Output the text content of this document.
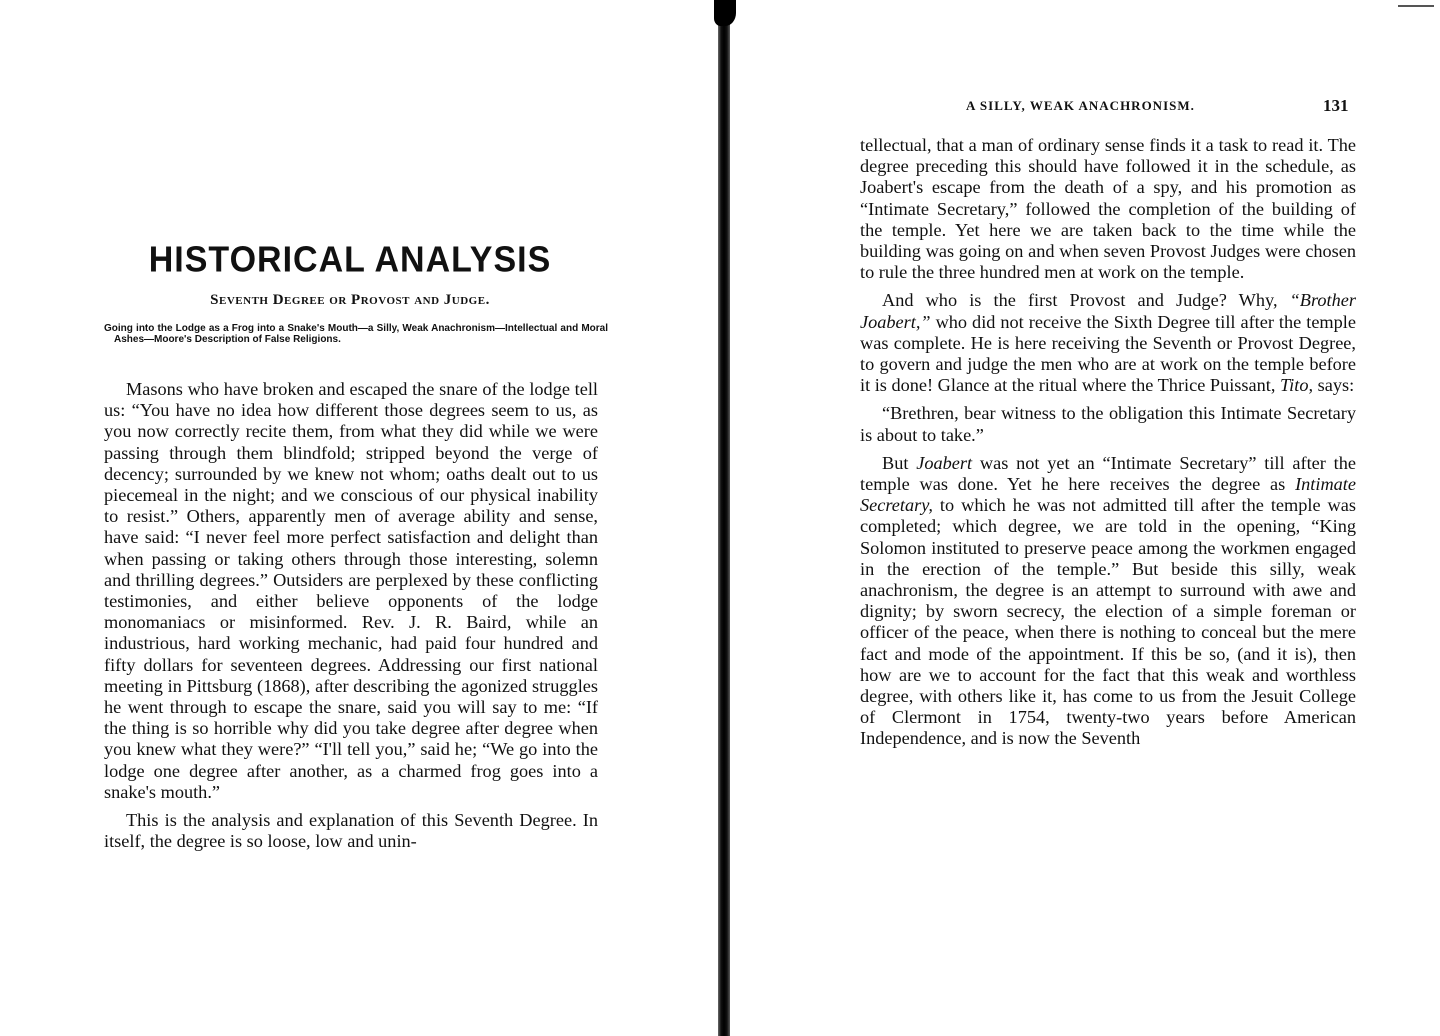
HISTORICAL ANALYSIS
Seventh Degree or Provost and Judge.

Going into the Lodge as a Frog into a Snake's Mouth—a Silly, Weak Anachronism—Intellectual and Moral Ashes—Moore's Description of False Religions.

Masons who have broken and escaped the snare of the lodge tell us: “You have no idea how different those degrees seem to us, as you now correctly recite them, from what they did while we were passing through them blindfold; stripped beyond the verge of decency; surrounded by we knew not whom; oaths dealt out to us piecemeal in the night; and we conscious of our physical inability to resist.” Others, apparently men of average ability and sense, have said: “I never feel more perfect satisfaction and delight than when passing or taking others through those interesting, solemn and thrilling degrees.” Outsiders are perplexed by these conflicting testimonies, and either believe opponents of the lodge monomaniacs or misinformed. Rev. J. R. Baird, while an industrious, hard working mechanic, had paid four hundred and fifty dollars for seventeen degrees. Addressing our first national meeting in Pittsburg (1868), after describing the agonized struggles he went through to escape the snare, said you will say to me: “If the thing is so horrible why did you take degree after degree when you knew what they were?” “I'll tell you,” said he; “We go into the lodge one degree after another, as a charmed frog goes into a snake's mouth.”

This is the analysis and explanation of this Seventh Degree. In itself, the degree is so loose, low and unin-

A SILLY, WEAK ANACHRONISM.	131

tellectual, that a man of ordinary sense finds it a task to read it. The degree preceding this should have followed it in the schedule, as Joabert's escape from the death of a spy, and his promotion as “Intimate Secretary,” followed the completion of the building of the temple. Yet here we are taken back to the time while the building was going on and when seven Provost Judges were chosen to rule the three hundred men at work on the temple.

And who is the first Provost and Judge? Why, “Brother Joabert,” who did not receive the Sixth Degree till after the temple was complete. He is here receiving the Seventh or Provost Degree, to govern and judge the men who are at work on the temple before it is done! Glance at the ritual where the Thrice Puissant, Tito, says:

“Brethren, bear witness to the obligation this Intimate Secretary is about to take.”

But Joabert was not yet an “Intimate Secretary” till after the temple was done. Yet he here receives the degree as Intimate Secretary, to which he was not admitted till after the temple was completed; which degree, we are told in the opening, “King Solomon instituted to preserve peace among the workmen engaged in the erection of the temple.” But beside this silly, weak anachronism, the degree is an attempt to surround with awe and dignity; by sworn secrecy, the election of a simple foreman or officer of the peace, when there is nothing to conceal but the mere fact and mode of the appointment. If this be so, (and it is), then how are we to account for the fact that this weak and worthless degree, with others like it, has come to us from the Jesuit College of Clermont in 1754, twenty-two years before American Independence, and is now the Seventh
